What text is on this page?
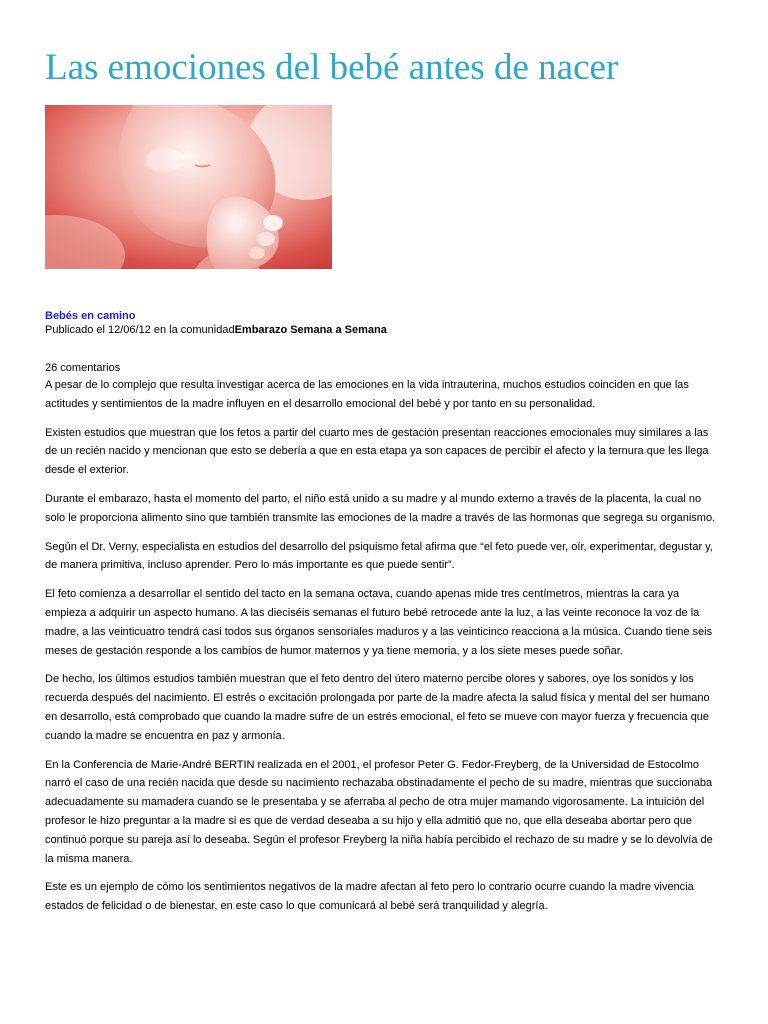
Las emociones del bebé antes de nacer
Bebés en camino
Publicado el 12/06/12 en la comunidadEmbarazo Semana a Semana
26 comentarios

A pesar de lo complejo que resulta investigar acerca de las emociones en la vida intrauterina, muchos estudios coinciden en que las actitudes y sentimientos de la madre influyen en el desarrollo emocional del bebé y por tanto en su personalidad.

Existen estudios que muestran que los fetos a partir del cuarto mes de gestación presentan reacciones emocionales muy similares a las de un recién nacido y mencionan que esto se debería a que en esta etapa ya son capaces de percibir el afecto y la ternura que les llega desde el exterior.

Durante el embarazo, hasta el momento del parto, el niño está unido a su madre y al mundo externo a través de la placenta, la cual no solo le proporciona alimento sino que también transmite las emociones de la madre a través de las hormonas que segrega su organismo.

Según el Dr. Verny, especialista en estudios del desarrollo del psiquismo fetal afirma que “el feto puede ver, oír, experimentar, degustar y, de manera primitiva, incluso aprender. Pero lo más importante es que puede sentir”.

El feto comienza a desarrollar el sentido del tacto en la semana octava, cuando apenas mide tres centímetros, mientras la cara ya empieza a adquirir un aspecto humano. A las dieciséis semanas el futuro bebé retrocede ante la luz, a las veinte reconoce la voz de la madre, a las veinticuatro tendrá casi todos sus órganos sensoriales maduros y a las veinticinco reacciona a la música. Cuando tiene seis meses de gestación responde a los cambios de humor maternos y ya tiene memoria, y a los siete meses puede soñar.

De hecho, los últimos estudios también muestran que el feto dentro del útero materno percibe olores y sabores, oye los sonidos y los recuerda después del nacimiento. El estrés o excitación prolongada por parte de la madre afecta la salud física y mental del ser humano en desarrollo, está comprobado que cuando la madre sufre de un estrés emocional, el feto se mueve con mayor fuerza y frecuencia que cuando la madre se encuentra en paz y armonía.

En la Conferencia de Marie-André BERTIN realizada en el 2001, el profesor Peter G. Fedor-Freyberg, de la Universidad de Estocolmo narró el caso de una recién nacida que desde su nacimiento rechazaba obstinadamente el pecho de su madre, mientras que succionaba adecuadamente su mamadera cuando se le presentaba y se aferraba al pecho de otra mujer mamando vigorosamente. La intuición del profesor le hizo preguntar a la madre si es que de verdad deseaba a su hijo y ella admitió que no, que ella deseaba abortar pero que continuó porque su pareja así lo deseaba. Según el profesor Freyberg la niña había percibido el rechazo de su madre y se lo devolvía de la misma manera.

Este es un ejemplo de cómo los sentimientos negativos de la madre afectan al feto pero lo contrario ocurre cuando la madre vivencia estados de felicidad o de bienestar, en este caso lo que comunicará al bebé será tranquilidad y alegría.
